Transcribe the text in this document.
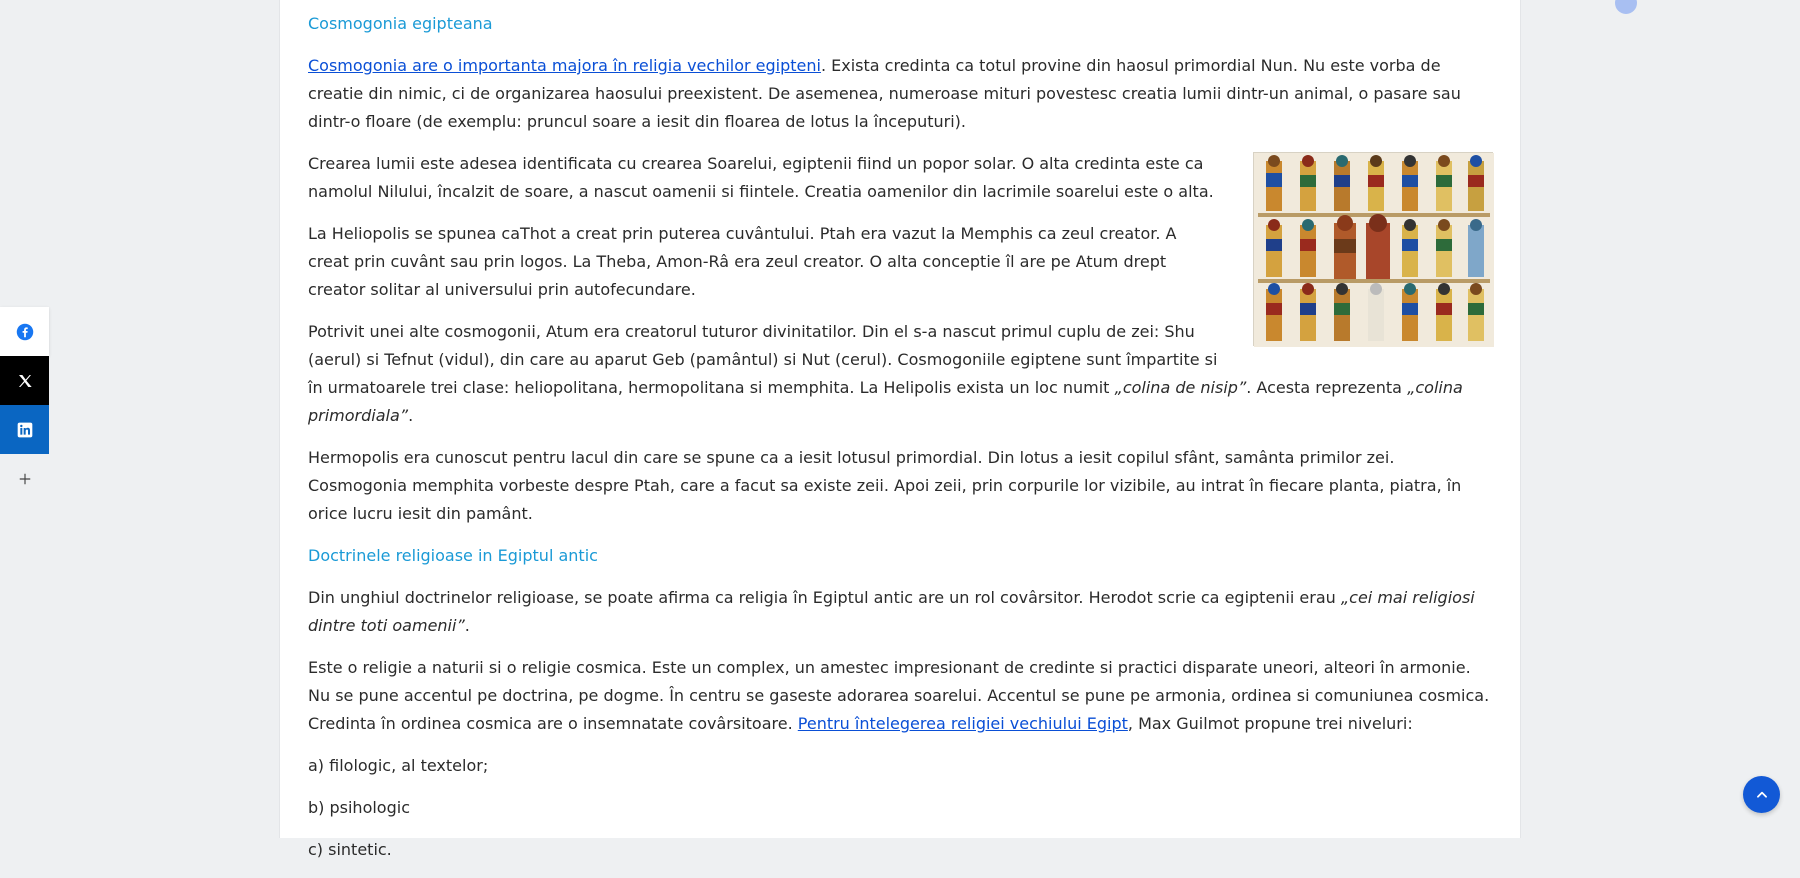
Cosmogonia egipteana

Cosmogonia are o importanta majora în religia vechilor egipteni. Exista credinta ca totul provine din haosul primordial Nun. Nu este vorba de creatie din nimic, ci de organizarea haosului preexistent. De asemenea, numeroase mituri povestesc creatia lumii dintr-un animal, o pasare sau dintr-o floare (de exemplu: pruncul soare a iesit din floarea de lotus la începuturi).

Crearea lumii este adesea identificata cu crearea Soarelui, egiptenii fiind un popor solar. O alta credinta este ca namolul Nilului, încalzit de soare, a nascut oamenii si fiintele. Creatia oamenilor din lacrimile soarelui este o alta.

La Heliopolis se spunea caThot a creat prin puterea cuvântului. Ptah era vazut la Memphis ca zeul creator. A creat prin cuvânt sau prin logos. La Theba, Amon-Râ era zeul creator. O alta conceptie îl are pe Atum drept creator solitar al universului prin autofecundare.

Potrivit unei alte cosmogonii, Atum era creatorul tuturor divinitatilor. Din el s-a nascut primul cuplu de zei: Shu (aerul) si Tefnut (vidul), din care au aparut Geb (pamântul) si Nut (cerul). Cosmogoniile egiptene sunt împartite si în urmatoarele trei clase: heliopolitana, hermopolitana si memphita. La Helipolis exista un loc numit „colina de nisip”. Acesta reprezenta „colina primordiala”.

Hermopolis era cunoscut pentru lacul din care se spune ca a iesit lotusul primordial. Din lotus a iesit copilul sfânt, samânta primilor zei. Cosmogonia memphita vorbeste despre Ptah, care a facut sa existe zeii. Apoi zeii, prin corpurile lor vizibile, au intrat în fiecare planta, piatra, în orice lucru iesit din pamânt.

Doctrinele religioase in Egiptul antic

Din unghiul doctrinelor religioase, se poate afirma ca religia în Egiptul antic are un rol covârsitor. Herodot scrie ca egiptenii erau „cei mai religiosi dintre toti oamenii”.

Este o religie a naturii si o religie cosmica. Este un complex, un amestec impresionant de credinte si practici disparate uneori, alteori în armonie. Nu se pune accentul pe doctrina, pe dogme. În centru se gaseste adorarea soarelui. Accentul se pune pe armonia, ordinea si comuniunea cosmica. Credinta în ordinea cosmica are o insemnatate covârsitoare. Pentru întelegerea religiei vechiului Egipt, Max Guilmot propune trei niveluri:

a) filologic, al textelor;

b) psihologic

c) sintetic.
